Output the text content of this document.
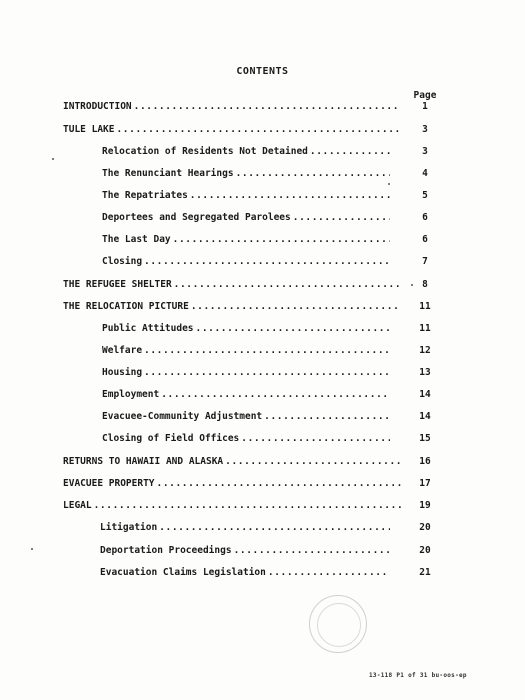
CONTENTS
Page
INTRODUCTION .....	1
TULE LAKE .....	3
Relocation of Residents Not Detained .....	3
The Renunciant Hearings .....	4
The Repatriates .....	5
Deportees and Segregated Parolees .....	6
The Last Day .....	6
Closing .....	7
THE REFUGEE SHELTER .....	8
THE RELOCATION PICTURE .....	11
Public Attitudes .....	11
Welfare .....	12
Housing .....	13
Employment .....	14
Evacuee-Community Adjustment .....	14
Closing of Field Offices .....	15
RETURNS TO HAWAII AND ALASKA .....	16
EVACUEE PROPERTY .....	17
LEGAL .....	19
Litigation .....	20
Deportation Proceedings .....	20
Evacuation Claims Legislation .....	21
13-118 P1 of 31 bu-oos-ep
